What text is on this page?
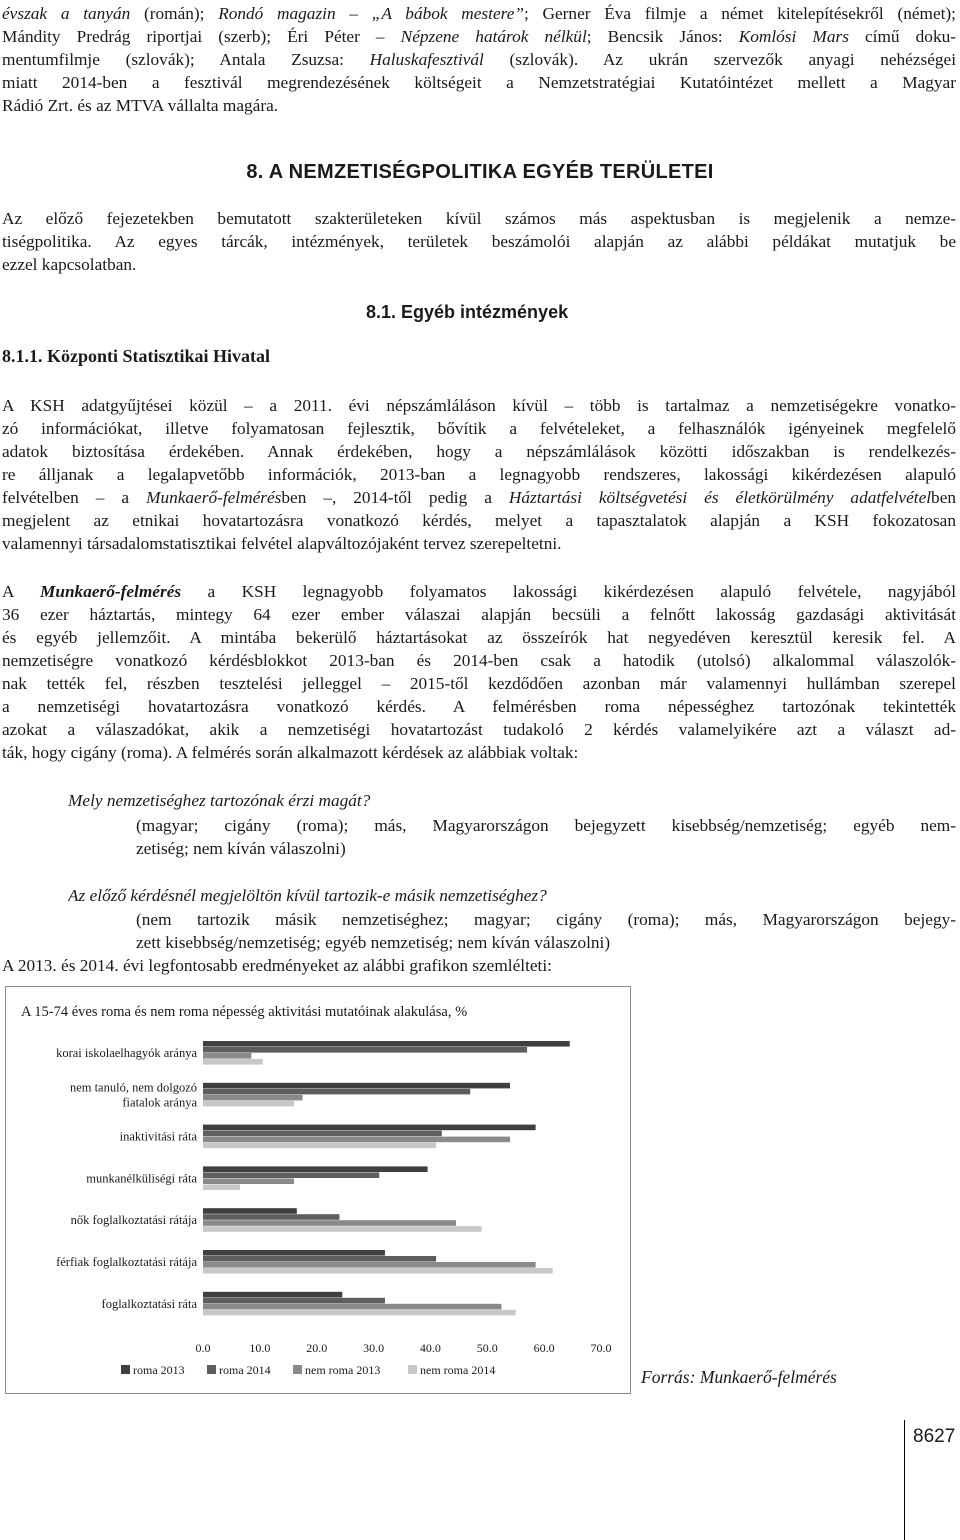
évszak a tanyán (román); Rondó magazin – „A bábok mestere”; Gerner Éva filmje a német kitelepítésekről (német);
Mándity Predrág riportjai (szerb); Éri Péter – Népzene határok nélkül; Bencsik János: Komlósi Mars című doku-
mentumfilmje (szlovák); Antala Zsuzsa: Haluskafesztivál (szlovák). Az ukrán szervezők anyagi nehézségei
miatt 2014-ben a fesztivál megrendezésének költségeit a Nemzetstratégiai Kutatóintézet mellett a Magyar
Rádió Zrt. és az MTVA vállalta magára.
8. A NEMZETISÉGPOLITIKA EGYÉB TERÜLETEI
Az előző fejezetekben bemutatott szakterületeken kívül számos más aspektusban is megjelenik a nemze-
tiségpolitika. Az egyes tárcák, intézmények, területek beszámolói alapján az alábbi példákat mutatjuk be
ezzel kapcsolatban.
8.1. Egyéb intézmények
8.1.1. Központi Statisztikai Hivatal
A KSH adatgyűjtései közül – a 2011. évi népszámláláson kívül – több is tartalmaz a nemzetiségekre vonatko-
zó információkat, illetve folyamatosan fejlesztik, bővítik a felvételeket, a felhasználók igényeinek megfelelő
adatok biztosítása érdekében. Annak érdekében, hogy a népszámlálások közötti időszakban is rendelkezés-
re álljanak a legalapvetőbb információk, 2013-ban a legnagyobb rendszeres, lakossági kikérdezésen alapuló
felvételben – a Munkaerő-felmérésben –, 2014-től pedig a Háztartási költségvetési és életkörülmény adatfelvételben
megjelent az etnikai hovatartozásra vonatkozó kérdés, melyet a tapasztalatok alapján a KSH fokozatosan
valamennyi társadalomstatisztikai felvétel alapváltozójaként tervez szerepeltetni.
A Munkaerő-felmérés a KSH legnagyobb folyamatos lakossági kikérdezésen alapuló felvétele, nagyjából
36 ezer háztartás, mintegy 64 ezer ember válaszai alapján becsüli a felnőtt lakosság gazdasági aktivitását
és egyéb jellemzőit. A mintába bekerülő háztartásokat az összeírók hat negyedéven keresztül keresik fel. A
nemzetiségre vonatkozó kérdésblokkot 2013-ban és 2014-ben csak a hatodik (utolsó) alkalommal válaszolók-
nak tették fel, részben tesztelési jelleggel – 2015-től kezdődően azonban már valamennyi hullámban szerepel
a nemzetiségi hovatartozásra vonatkozó kérdés. A felmérésben roma népességhez tartozónak tekintették
azokat a válaszadókat, akik a nemzetiségi hovatartozást tudakoló 2 kérdés valamelyikére azt a választ ad-
ták, hogy cigány (roma). A felmérés során alkalmazott kérdések az alábbiak voltak:
Mely nemzetiséghez tartozónak érzi magát?
(magyar; cigány (roma); más, Magyarországon bejegyzett kisebbség/nemzetiség; egyéb nem-
zetiség; nem kíván válaszolni)
Az előző kérdésnél megjelöltön kívül tartozik-e másik nemzetiséghez?
(nem tartozik másik nemzetiséghez; magyar; cigány (roma); más, Magyarországon bejegy-
zett kisebbség/nemzetiség; egyéb nemzetiség; nem kíván válaszolni)
A 2013. és 2014. évi legfontosabb eredményeket az alábbi grafikon szemlélteti:
A 15-74 éves roma és nem roma népesség aktivitási mutatóinak alakulása, %
korai iskolaelhagyók aránya
nem tanuló, nem dolgozó
fiatalok aránya
inaktivitási ráta
munkanélküliségi ráta
nők foglalkoztatási rátája
férfiak foglalkoztatási rátája
foglalkoztatási ráta
0.0	10.0	20.0	30.0	40.0	50.0	60.0	70.0
roma 2013	roma 2014	nem roma 2013	nem roma 2014	Forrás: Munkaerő-felmérés
8627
